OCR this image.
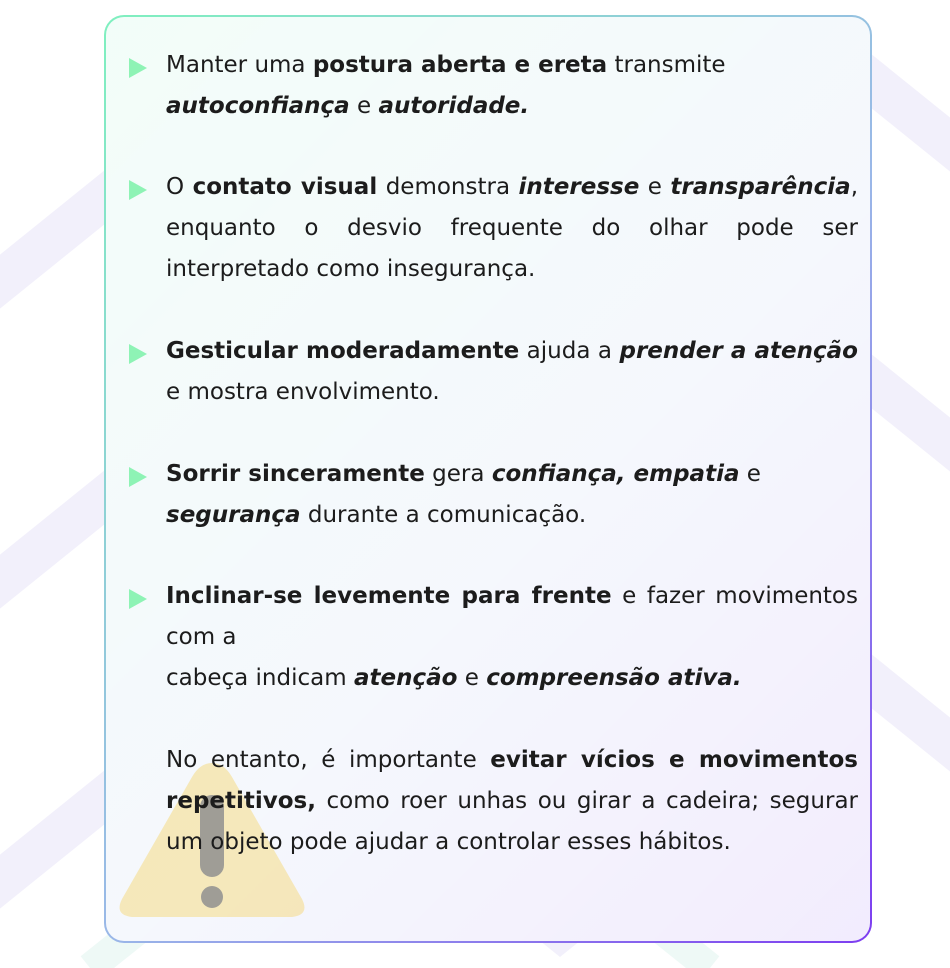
Manter uma postura aberta e ereta transmite
autoconfiança e autoridade.

O contato visual demonstra interesse e transparência, enquanto o desvio frequente do olhar pode ser interpretado como insegurança.

Gesticular moderadamente ajuda a prender a atenção e mostra envolvimento.

Sorrir sinceramente gera confiança, empatia e
segurança durante a comunicação.

Inclinar-se levemente para frente e fazer movimentos com a
cabeça indicam atenção e compreensão ativa.

No entanto, é importante evitar vícios e movimentos repetitivos, como roer unhas ou girar a cadeira; segurar um objeto pode ajudar a controlar esses hábitos.
